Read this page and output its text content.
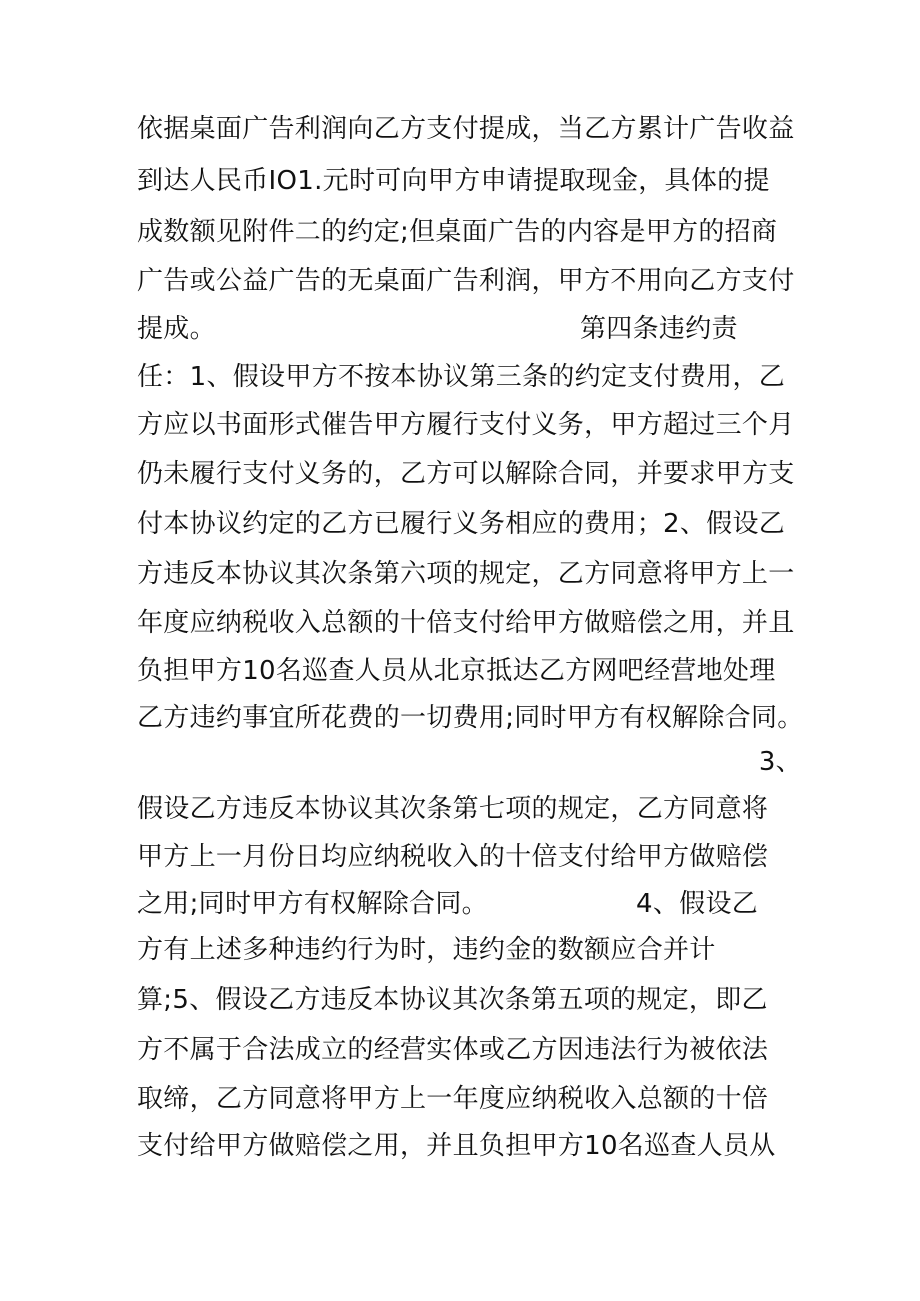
依据桌面广告利润向乙方支付提成，当乙方累计广告收益
到达人民币IO1.元时可向甲方申请提取现金，具体的提
成数额见附件二的约定;但桌面广告的内容是甲方的招商
广告或公益广告的无桌面广告利润，甲方不用向乙方支付
提成。	第四条违约责
任：1、假设甲方不按本协议第三条的约定支付费用，乙
方应以书面形式催告甲方履行支付义务，甲方超过三个月
仍未履行支付义务的，乙方可以解除合同，并要求甲方支
付本协议约定的乙方已履行义务相应的费用；2、假设乙
方违反本协议其次条第六项的规定，乙方同意将甲方上一
年度应纳税收入总额的十倍支付给甲方做赔偿之用，并且
负担甲方10名巡查人员从北京抵达乙方网吧经营地处理
乙方违约事宜所花费的一切费用;同时甲方有权解除合同。
3、
假设乙方违反本协议其次条第七项的规定，乙方同意将
甲方上一月份日均应纳税收入的十倍支付给甲方做赔偿
之用;同时甲方有权解除合同。	4、假设乙
方有上述多种违约行为时，违约金的数额应合并计
算;5、假设乙方违反本协议其次条第五项的规定，即乙
方不属于合法成立的经营实体或乙方因违法行为被依法
取缔，乙方同意将甲方上一年度应纳税收入总额的十倍
支付给甲方做赔偿之用，并且负担甲方10名巡查人员从
